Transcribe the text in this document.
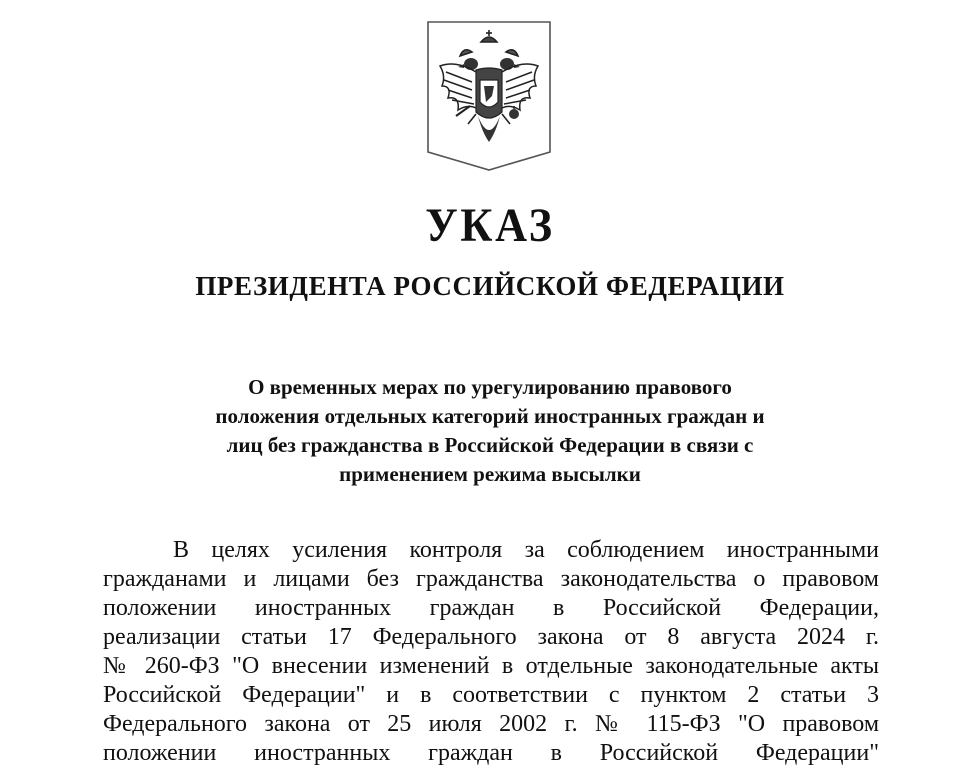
УКАЗ
ПРЕЗИДЕНТА РОССИЙСКОЙ ФЕДЕРАЦИИ
О временных мерах по урегулированию правового
положения отдельных категорий иностранных граждан и
лиц без гражданства в Российской Федерации в связи с
применением режима высылки
В целях усиления контроля за соблюдением иностранными
гражданами и лицами без гражданства законодательства о правовом
положении иностранных граждан в Российской Федерации,
реализации статьи 17 Федерального закона от 8 августа 2024 г.
№ 260-ФЗ "О внесении изменений в отдельные законодательные акты
Российской Федерации" и в соответствии с пунктом 2 статьи 3
Федерального закона от 25 июля 2002 г. № 115-ФЗ "О правовом
положении иностранных граждан в Российской Федерации"
